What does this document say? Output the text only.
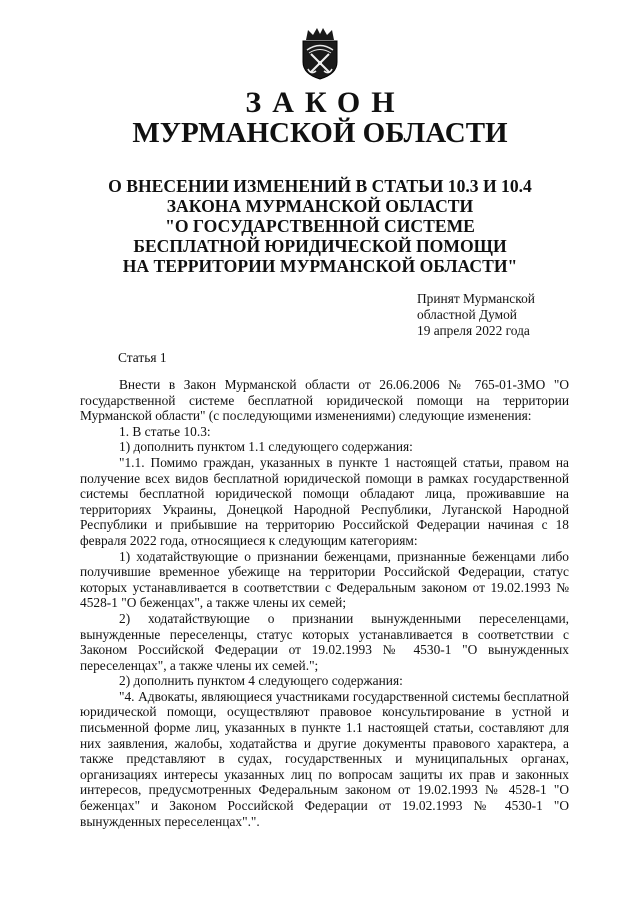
ЗАКОН
МУРМАНСКОЙ ОБЛАСТИ
О ВНЕСЕНИИ ИЗМЕНЕНИЙ В СТАТЬИ 10.3 И 10.4
ЗАКОНА МУРМАНСКОЙ ОБЛАСТИ
"О ГОСУДАРСТВЕННОЙ СИСТЕМЕ
БЕСПЛАТНОЙ ЮРИДИЧЕСКОЙ ПОМОЩИ
НА ТЕРРИТОРИИ МУРМАНСКОЙ ОБЛАСТИ"
Принят Мурманской
областной Думой
19 апреля 2022 года
Статья 1

Внести в Закон Мурманской области от 26.06.2006 № 765-01-ЗМО "О государственной системе бесплатной юридической помощи на территории Мурманской области" (с последующими изменениями) следующие изменения:

1. В статье 10.3:

1) дополнить пунктом 1.1 следующего содержания:

"1.1. Помимо граждан, указанных в пункте 1 настоящей статьи, правом на получение всех видов бесплатной юридической помощи в рамках государственной системы бесплатной юридической помощи обладают лица, проживавшие на территориях Украины, Донецкой Народной Республики, Луганской Народной Республики и прибывшие на территорию Российской Федерации начиная с 18 февраля 2022 года, относящиеся к следующим категориям:

1) ходатайствующие о признании беженцами, признанные беженцами либо получившие временное убежище на территории Российской Федерации, статус которых устанавливается в соответствии с Федеральным законом от 19.02.1993 № 4528-1 "О беженцах", а также члены их семей;

2) ходатайствующие о признании вынужденными переселенцами, вынужденные переселенцы, статус которых устанавливается в соответствии с Законом Российской Федерации от 19.02.1993 № 4530-1 "О вынужденных переселенцах", а также члены их семей.";

2) дополнить пунктом 4 следующего содержания:

"4. Адвокаты, являющиеся участниками государственной системы бесплатной юридической помощи, осуществляют правовое консультирование в устной и письменной форме лиц, указанных в пункте 1.1 настоящей статьи, составляют для них заявления, жалобы, ходатайства и другие документы правового характера, а также представляют в судах, государственных и муниципальных органах, организациях интересы указанных лиц по вопросам защиты их прав и законных интересов, предусмотренных Федеральным законом от 19.02.1993 № 4528-1 "О беженцах" и Законом Российской Федерации от 19.02.1993 № 4530-1 "О вынужденных переселенцах".".
